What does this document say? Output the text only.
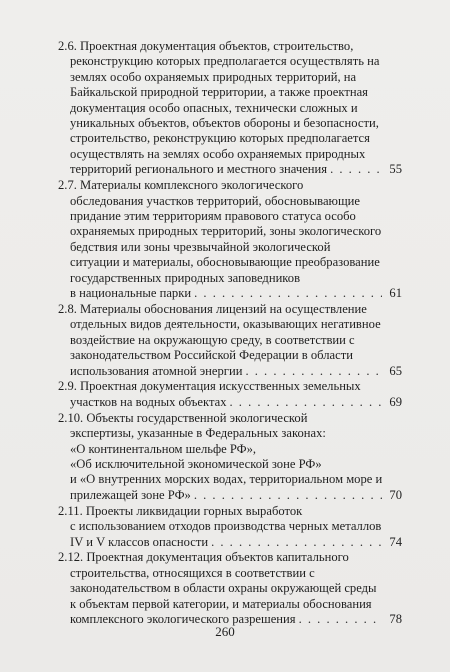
2.6. Проектная документация объектов, строительство,
реконструкцию которых предполагается осуществлять на
землях особо охраняемых природных территорий, на
Байкальской природной территории, а также проектная
документация особо опасных, технически сложных и
уникальных объектов, объектов обороны и безопасности,
строительство, реконструкцию которых предполагается
осуществлять на землях особо охраняемых природных
территорий регионального и местного значения . . .	55
2.7. Материалы комплексного экологического
обследования участков территорий, обосновывающие
придание этим территориям правового статуса особо
охраняемых природных территорий, зоны экологического
бедствия или зоны чрезвычайной экологической
ситуации и материалы, обосновывающие преобразование
государственных природных заповедников
в национальные парки . . .	61
2.8. Материалы обоснования лицензий на осуществление
отдельных видов деятельности, оказывающих негативное
воздействие на окружающую среду, в соответствии с
законодательством Российской Федерации в области
использования атомной энергии . . .	65
2.9. Проектная документация искусственных земельных
участков на водных объектах . . .	69
2.10. Объекты государственной экологической
экспертизы, указанные в Федеральных законах:
«О континентальном шельфе РФ»,
«Об исключительной экономической зоне РФ»
и «О внутренних морских водах, территориальном море и
прилежащей зоне РФ» . . .	70
2.11. Проекты ликвидации горных выработок
с использованием отходов производства черных металлов
IV и V классов опасности . . .	74
2.12. Проектная документация объектов капитального
строительства, относящихся в соответствии с
законодательством в области охраны окружающей среды
к объектам первой категории, и материалы обоснования
комплексного экологического разрешения . . .	78
260
